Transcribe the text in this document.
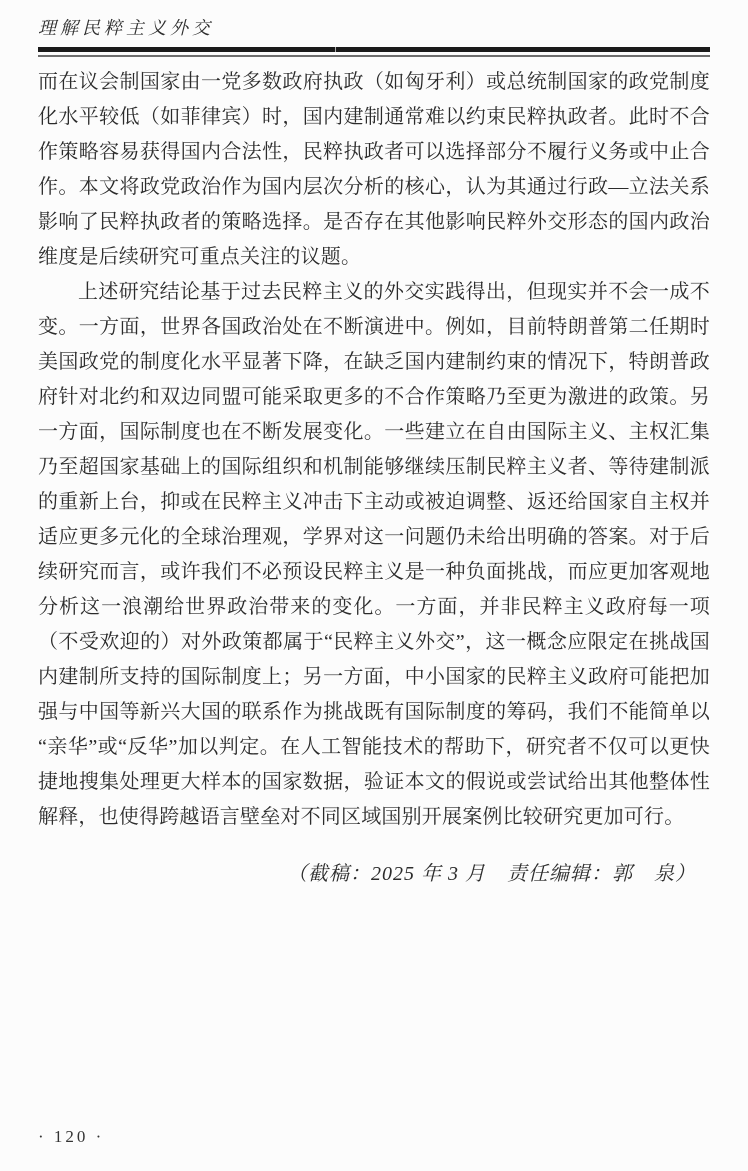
理解民粹主义外交

而在议会制国家由一党多数政府执政（如匈牙利）或总统制国家的政党制度化水平较低（如菲律宾）时，国内建制通常难以约束民粹执政者。此时不合作策略容易获得国内合法性，民粹执政者可以选择部分不履行义务或中止合作。本文将政党政治作为国内层次分析的核心，认为其通过行政—立法关系影响了民粹执政者的策略选择。是否存在其他影响民粹外交形态的国内政治维度是后续研究可重点关注的议题。

上述研究结论基于过去民粹主义的外交实践得出，但现实并不会一成不变。一方面，世界各国政治处在不断演进中。例如，目前特朗普第二任期时美国政党的制度化水平显著下降，在缺乏国内建制约束的情况下，特朗普政府针对北约和双边同盟可能采取更多的不合作策略乃至更为激进的政策。另一方面，国际制度也在不断发展变化。一些建立在自由国际主义、主权汇集乃至超国家基础上的国际组织和机制能够继续压制民粹主义者、等待建制派的重新上台，抑或在民粹主义冲击下主动或被迫调整、返还给国家自主权并适应更多元化的全球治理观，学界对这一问题仍未给出明确的答案。对于后续研究而言，或许我们不必预设民粹主义是一种负面挑战，而应更加客观地分析这一浪潮给世界政治带来的变化。一方面，并非民粹主义政府每一项（不受欢迎的）对外政策都属于“民粹主义外交”，这一概念应限定在挑战国内建制所支持的国际制度上；另一方面，中小国家的民粹主义政府可能把加强与中国等新兴大国的联系作为挑战既有国际制度的筹码，我们不能简单以“亲华”或“反华”加以判定。在人工智能技术的帮助下，研究者不仅可以更快捷地搜集处理更大样本的国家数据，验证本文的假说或尝试给出其他整体性解释，也使得跨越语言壁垒对不同区域国别开展案例比较研究更加可行。

（截稿：2025 年 3 月　责任编辑：郭　泉）

· 120 ·
